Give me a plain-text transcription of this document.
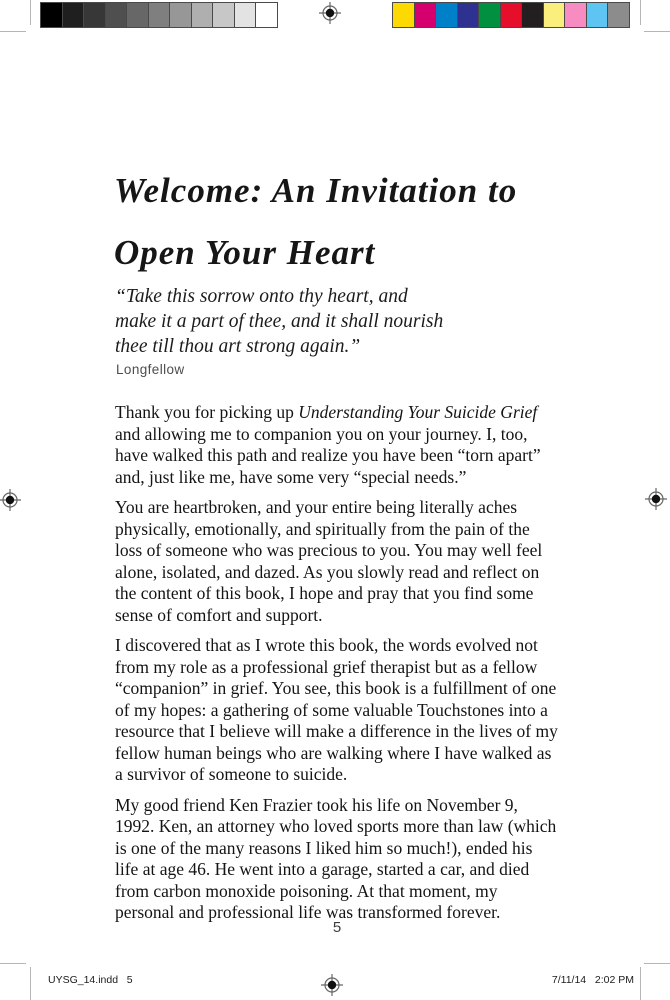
Welcome: An Invitation to
Open Your Heart
“Take this sorrow onto thy heart, and
make it a part of thee, and it shall nourish
thee till thou art strong again.”
Longfellow

Thank you for picking up Understanding Your Suicide Grief and allowing me to companion you on your journey. I, too, have walked this path and realize you have been “torn apart” and, just like me, have some very “special needs.”

You are heartbroken, and your entire being literally aches physically, emotionally, and spiritually from the pain of the loss of someone who was precious to you. You may well feel alone, isolated, and dazed. As you slowly read and reflect on the content of this book, I hope and pray that you find some sense of comfort and support.

I discovered that as I wrote this book, the words evolved not from my role as a professional grief therapist but as a fellow “companion” in grief. You see, this book is a fulfillment of one of my hopes: a gathering of some valuable Touchstones into a resource that I believe will make a difference in the lives of my fellow human beings who are walking where I have walked as a survivor of someone to suicide.

My good friend Ken Frazier took his life on November 9, 1992. Ken, an attorney who loved sports more than law (which is one of the many reasons I liked him so much!), ended his life at age 46. He went into a garage, started a car, and died from carbon monoxide poisoning. At that moment, my personal and professional life was transformed forever.

5
UYSG_14.indd   5	7/11/14   2:02 PM
